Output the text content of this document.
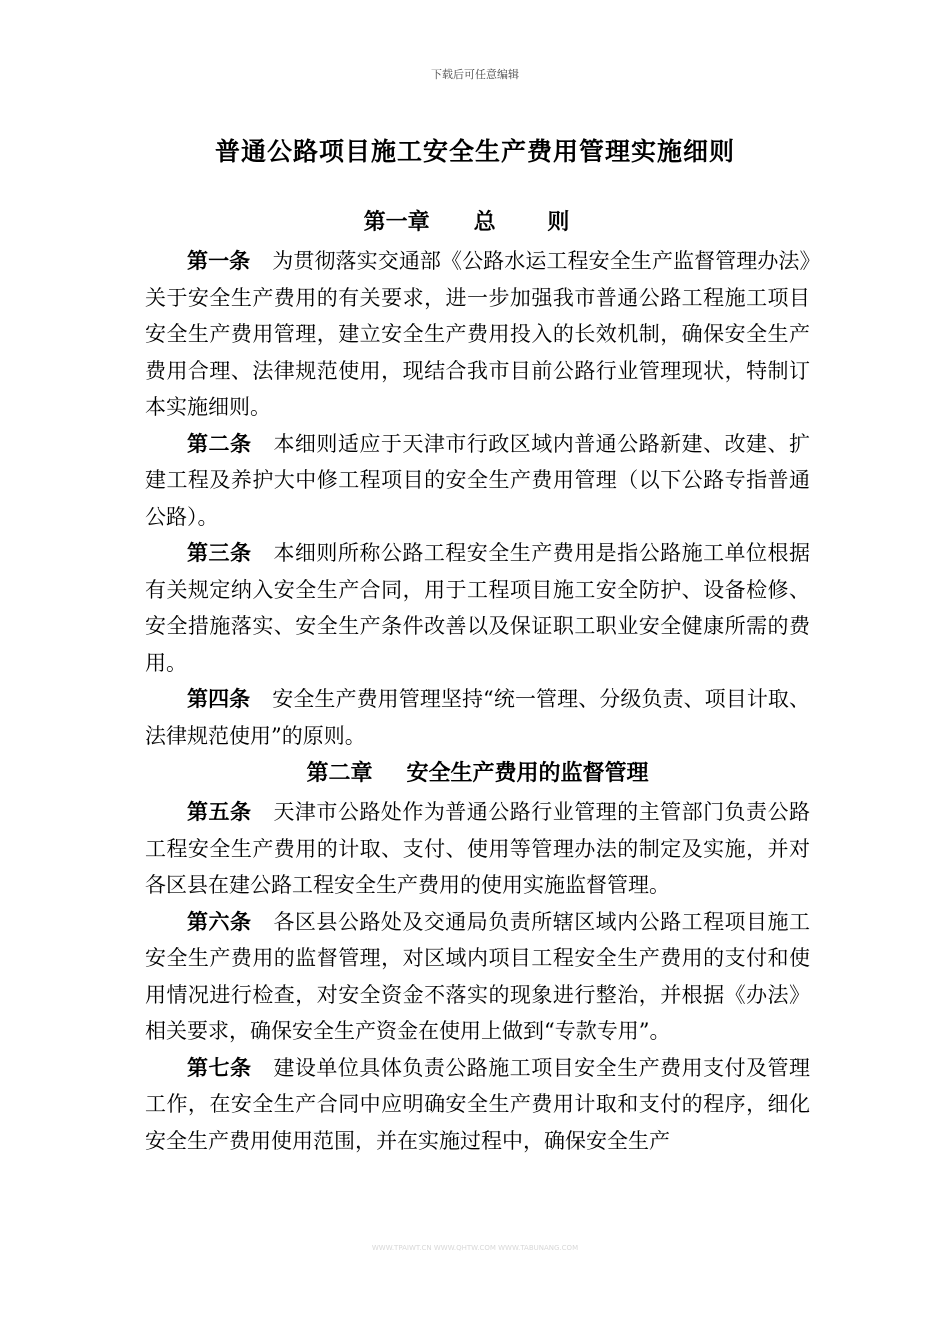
下载后可任意编辑
普通公路项目施工安全生产费用管理实施细则
第一章 总 则

第一条 为贯彻落实交通部《公路水运工程安全生产监督管理办法》关于安全生产费用的有关要求，进一步加强我市普通公路工程施工项目安全生产费用管理，建立安全生产费用投入的长效机制，确保安全生产费用合理、法律规范使用，现结合我市目前公路行业管理现状，特制订本实施细则。

第二条 本细则适应于天津市行政区域内普通公路新建、改建、扩建工程及养护大中修工程项目的安全生产费用管理（以下公路专指普通公路）。

第三条 本细则所称公路工程安全生产费用是指公路施工单位根据有关规定纳入安全生产合同，用于工程项目施工安全防护、设备检修、安全措施落实、安全生产条件改善以及保证职工职业安全健康所需的费用。

第四条 安全生产费用管理坚持“统一管理、分级负责、项目计取、法律规范使用”的原则。

第二章 安全生产费用的监督管理

第五条 天津市公路处作为普通公路行业管理的主管部门负责公路工程安全生产费用的计取、支付、使用等管理办法的制定及实施，并对各区县在建公路工程安全生产费用的使用实施监督管理。

第六条 各区县公路处及交通局负责所辖区域内公路工程项目施工安全生产费用的监督管理，对区域内项目工程安全生产费用的支付和使用情况进行检查，对安全资金不落实的现象进行整治，并根据《办法》相关要求，确保安全生产资金在使用上做到“专款专用”。

第七条 建设单位具体负责公路施工项目安全生产费用支付及管理工作，在安全生产合同中应明确安全生产费用计取和支付的程序，细化安全生产费用使用范围，并在实施过程中，确保安全生产

WWW.TPAIWT.CN WWW.QHTW.COM WWW.TABUNANG.COM
